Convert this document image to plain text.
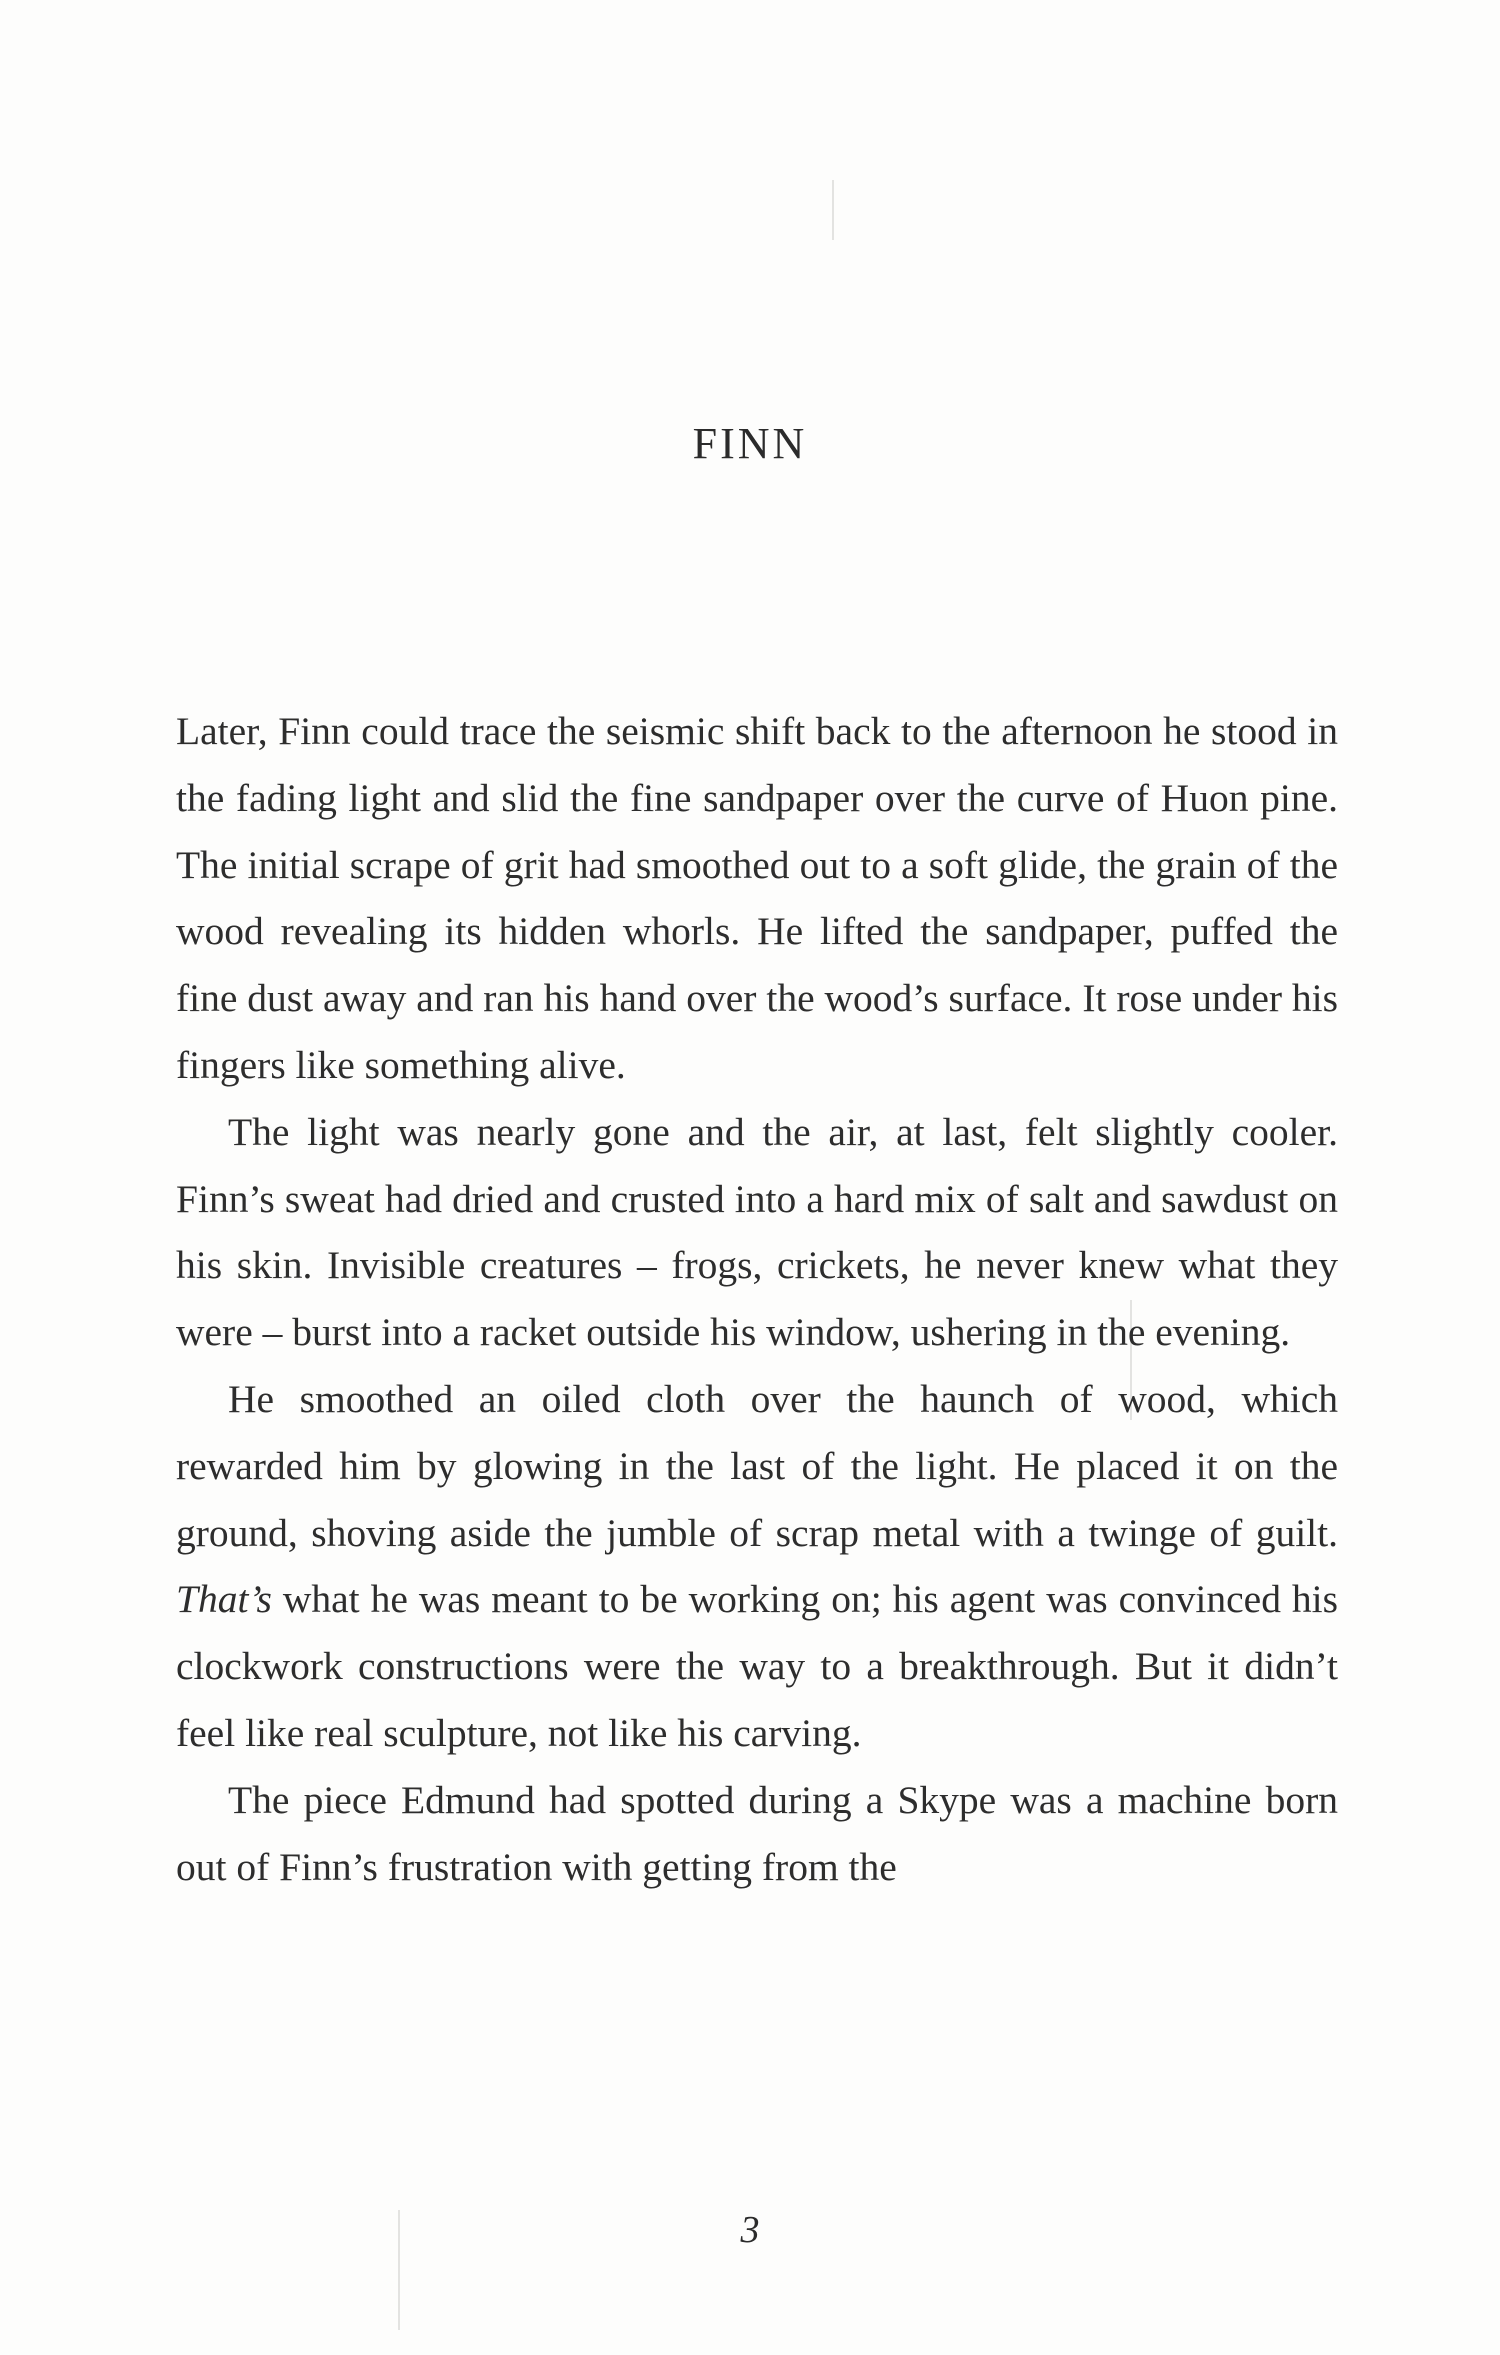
FINN

Later, Finn could trace the seismic shift back to the afternoon he stood in the fading light and slid the fine sandpaper over the curve of Huon pine. The initial scrape of grit had smoothed out to a soft glide, the grain of the wood revealing its hidden whorls. He lifted the sandpaper, puffed the fine dust away and ran his hand over the wood’s surface. It rose under his fingers like something alive.

The light was nearly gone and the air, at last, felt slightly cooler. Finn’s sweat had dried and crusted into a hard mix of salt and sawdust on his skin. Invisible creatures – frogs, crickets, he never knew what they were – burst into a racket outside his window, ushering in the evening.

He smoothed an oiled cloth over the haunch of wood, which rewarded him by glowing in the last of the light. He placed it on the ground, shoving aside the jumble of scrap metal with a twinge of guilt. That’s what he was meant to be working on; his agent was convinced his clockwork constructions were the way to a breakthrough. But it didn’t feel like real sculpture, not like his carving.

The piece Edmund had spotted during a Skype was a machine born out of Finn’s frustration with getting from the

3
